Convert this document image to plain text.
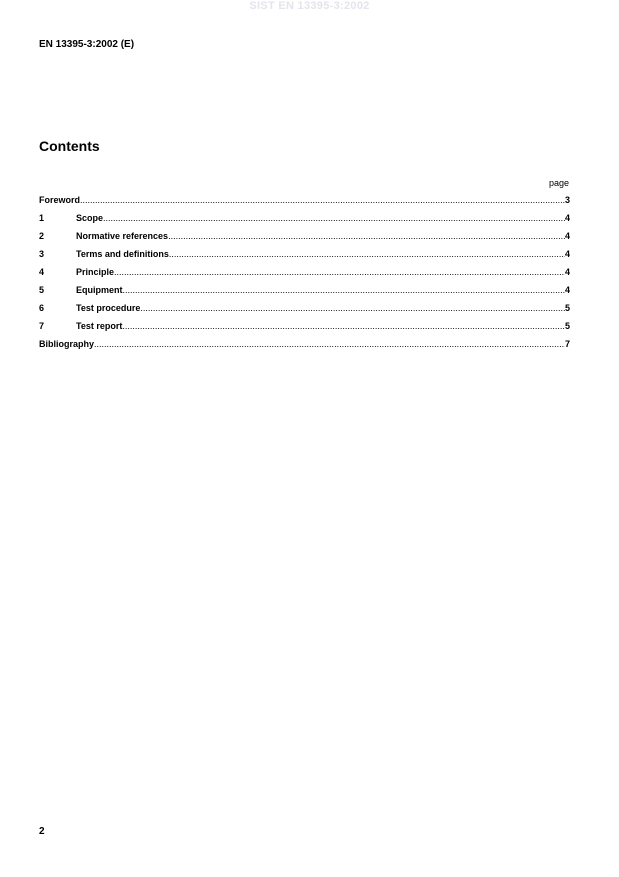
SIST EN 13395-3:2002
EN 13395-3:2002 (E)
Contents
page
Foreword .....	3
1	Scope .....	4
2	Normative references .....	4
3	Terms and definitions .....	4
4	Principle .....	4
5	Equipment .....	4
6	Test procedure .....	5
7	Test report .....	5
Bibliography .....	7
2
